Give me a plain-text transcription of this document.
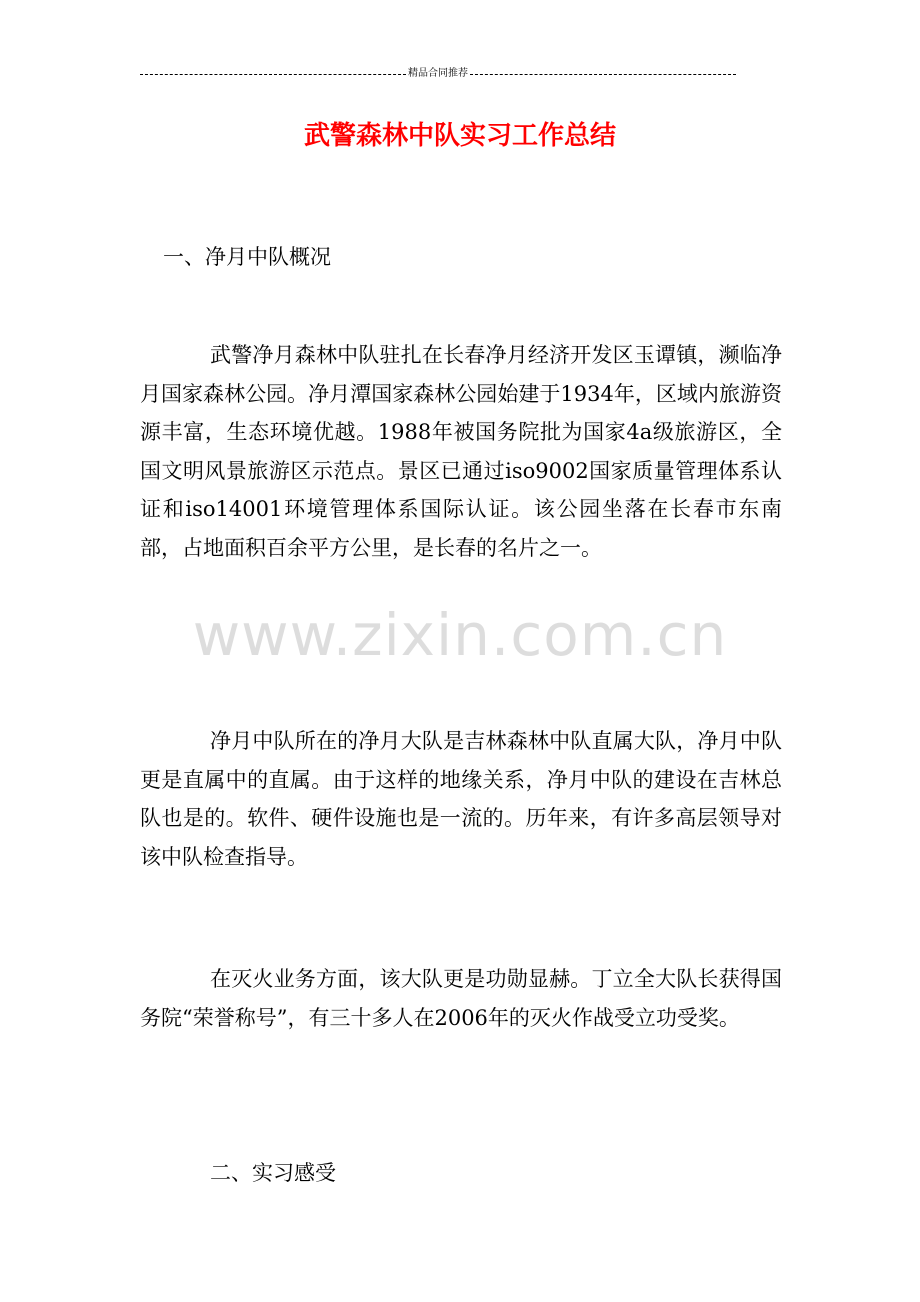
精品合同推荐
武警森林中队实习工作总结
一、净月中队概况

武警净月森林中队驻扎在长春净月经济开发区玉谭镇，濒临净月国家森林公园。净月潭国家森林公园始建于1934年，区域内旅游资源丰富，生态环境优越。1988年被国务院批为国家4a级旅游区，全国文明风景旅游区示范点。景区已通过iso9002国家质量管理体系认证和iso14001环境管理体系国际认证。该公园坐落在长春市东南部，占地面积百余平方公里，是长春的名片之一。

净月中队所在的净月大队是吉林森林中队直属大队，净月中队更是直属中的直属。由于这样的地缘关系，净月中队的建设在吉林总队也是的。软件、硬件设施也是一流的。历年来，有许多高层领导对该中队检查指导。

在灭火业务方面，该大队更是功勋显赫。丁立全大队长获得国务院“荣誉称号”，有三十多人在2006年的灭火作战受立功受奖。

二、实习感受
www.zixin.com.cn
